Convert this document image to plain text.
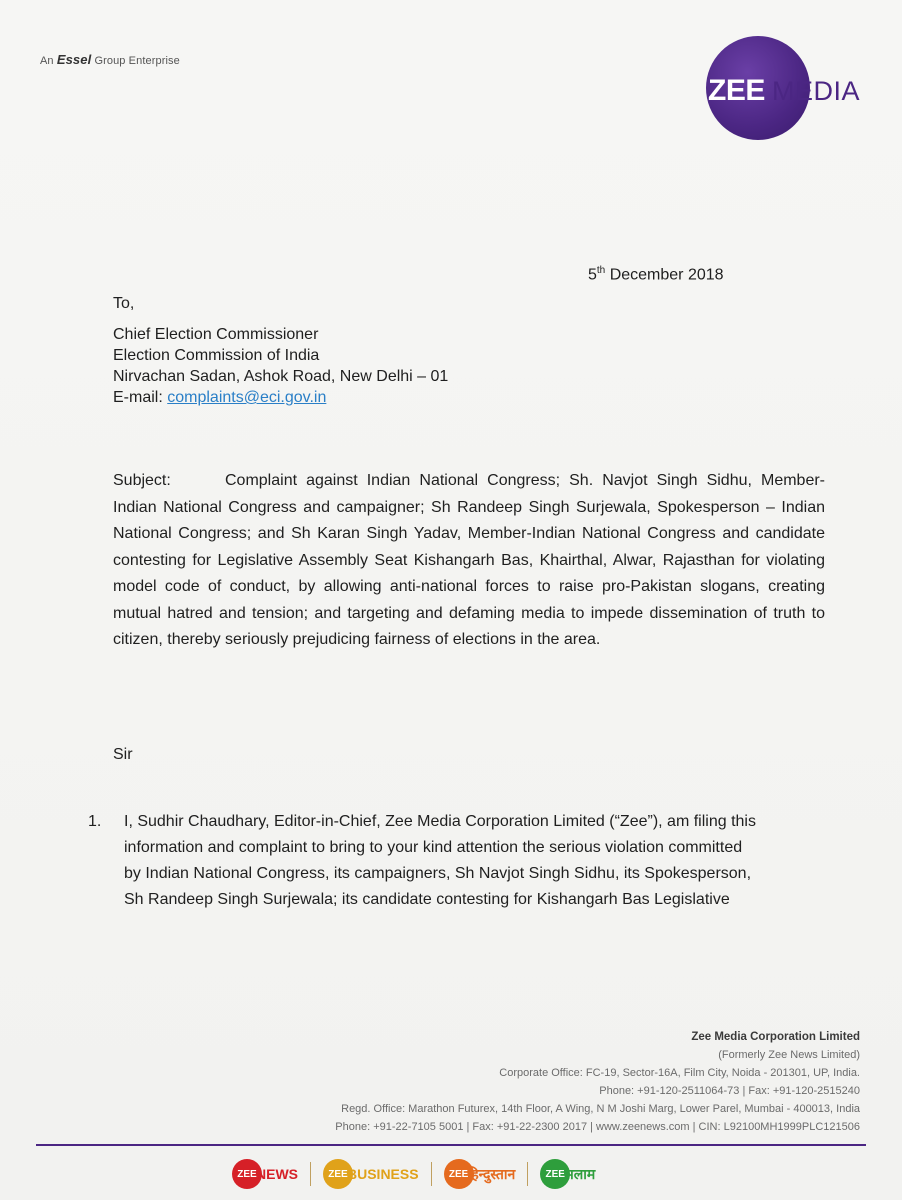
An Essel Group Enterprise
ZEE MEDIA
5th December 2018
To,
Chief Election Commissioner
Election Commission of India
Nirvachan Sadan, Ashok Road, New Delhi – 01
E-mail: complaints@eci.gov.in
Subject:	Complaint against Indian National Congress; Sh. Navjot Singh Sidhu, Member-Indian National Congress and campaigner; Sh Randeep Singh Surjewala, Spokesperson – Indian National Congress; and Sh Karan Singh Yadav, Member-Indian National Congress and candidate contesting for Legislative Assembly Seat Kishangarh Bas, Khairthal, Alwar, Rajasthan for violating model code of conduct, by allowing anti-national forces to raise pro-Pakistan slogans, creating mutual hatred and tension; and targeting and defaming media to impede dissemination of truth to citizen, thereby seriously prejudicing fairness of elections in the area.
Sir
1. I, Sudhir Chaudhary, Editor-in-Chief, Zee Media Corporation Limited (“Zee”), am filing this
information and complaint to bring to your kind attention the serious violation committed
by Indian National Congress, its campaigners, Sh Navjot Singh Sidhu, its Spokesperson,
Sh Randeep Singh Surjewala; its candidate contesting for Kishangarh Bas Legislative
Zee Media Corporation Limited
(Formerly Zee News Limited)
Corporate Office: FC-19, Sector-16A, Film City, Noida - 201301, UP, India.
Phone: +91-120-2511064-73 | Fax: +91-120-2515240
Regd. Office: Marathon Futurex, 14th Floor, A Wing, N M Joshi Marg, Lower Parel, Mumbai - 400013, India
Phone: +91-22-7105 5001 | Fax: +91-22-2300 2017 | www.zeenews.com | CIN: L92100MH1999PLC121506
ZEE NEWS	ZEE BUSINESS	ZEE हिन्दुस्तान	ZEE सलाम
